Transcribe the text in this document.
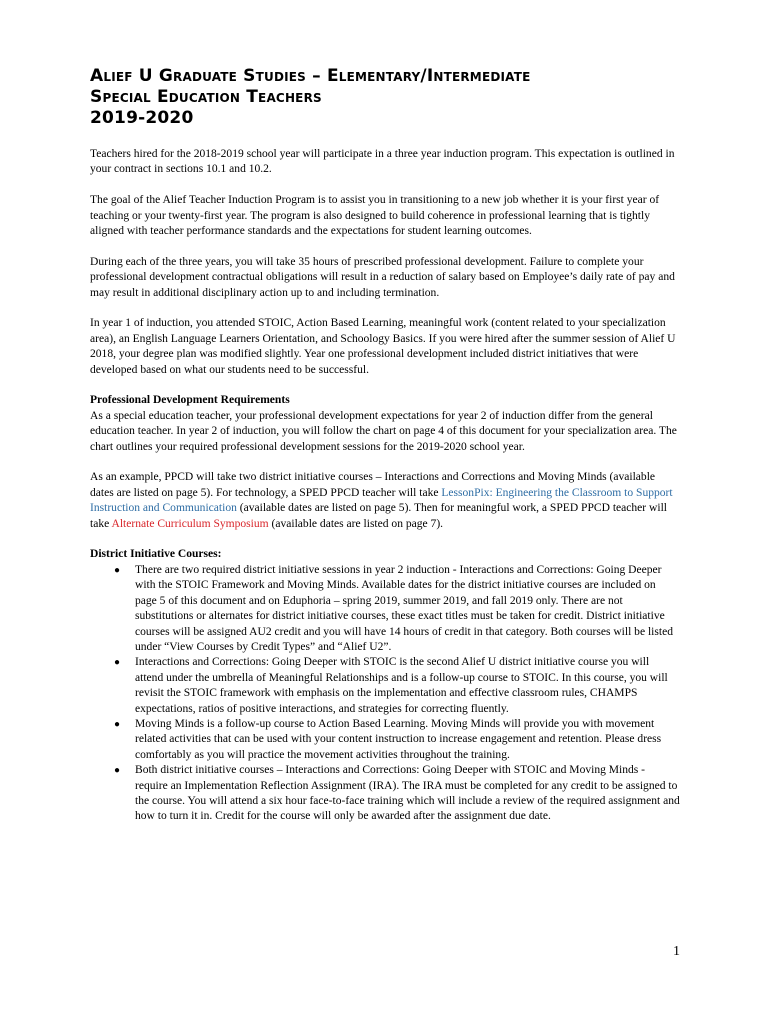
Alief U Graduate Studies – Elementary/Intermediate
Special Education Teachers
2019-2020

Teachers hired for the 2018-2019 school year will participate in a three year induction program. This expectation is outlined in your contract in sections 10.1 and 10.2.

The goal of the Alief Teacher Induction Program is to assist you in transitioning to a new job whether it is your first year of teaching or your twenty-first year. The program is also designed to build coherence in professional learning that is tightly aligned with teacher performance standards and the expectations for student learning outcomes.

During each of the three years, you will take 35 hours of prescribed professional development. Failure to complete your professional development contractual obligations will result in a reduction of salary based on Employee’s daily rate of pay and may result in additional disciplinary action up to and including termination.

In year 1 of induction, you attended STOIC, Action Based Learning, meaningful work (content related to your specialization area), an English Language Learners Orientation, and Schoology Basics. If you were hired after the summer session of Alief U 2018, your degree plan was modified slightly. Year one professional development included district initiatives that were developed based on what our students need to be successful.

Professional Development Requirements
As a special education teacher, your professional development expectations for year 2 of induction differ from the general education teacher. In year 2 of induction, you will follow the chart on page 4 of this document for your specialization area. The chart outlines your required professional development sessions for the 2019-2020 school year.

As an example, PPCD will take two district initiative courses – Interactions and Corrections and Moving Minds (available dates are listed on page 5). For technology, a SPED PPCD teacher will take LessonPix: Engineering the Classroom to Support Instruction and Communication (available dates are listed on page 5). Then for meaningful work, a SPED PPCD teacher will take Alternate Curriculum Symposium (available dates are listed on page 7).

District Initiative Courses:
● There are two required district initiative sessions in year 2 induction - Interactions and Corrections: Going Deeper with the STOIC Framework and Moving Minds. Available dates for the district initiative courses are included on page 5 of this document and on Eduphoria – spring 2019, summer 2019, and fall 2019 only. There are not substitutions or alternates for district initiative courses, these exact titles must be taken for credit. District initiative courses will be assigned AU2 credit and you will have 14 hours of credit in that category. Both courses will be listed under “View Courses by Credit Types” and “Alief U2”.
● Interactions and Corrections: Going Deeper with STOIC is the second Alief U district initiative course you will attend under the umbrella of Meaningful Relationships and is a follow-up course to STOIC. In this course, you will revisit the STOIC framework with emphasis on the implementation and effective classroom rules, CHAMPS expectations, ratios of positive interactions, and strategies for correcting fluently.
● Moving Minds is a follow-up course to Action Based Learning. Moving Minds will provide you with movement related activities that can be used with your content instruction to increase engagement and retention. Please dress comfortably as you will practice the movement activities throughout the training.
● Both district initiative courses – Interactions and Corrections: Going Deeper with STOIC and Moving Minds - require an Implementation Reflection Assignment (IRA). The IRA must be completed for any credit to be assigned to the course. You will attend a six hour face-to-face training which will include a review of the required assignment and how to turn it in. Credit for the course will only be awarded after the assignment due date.
1
